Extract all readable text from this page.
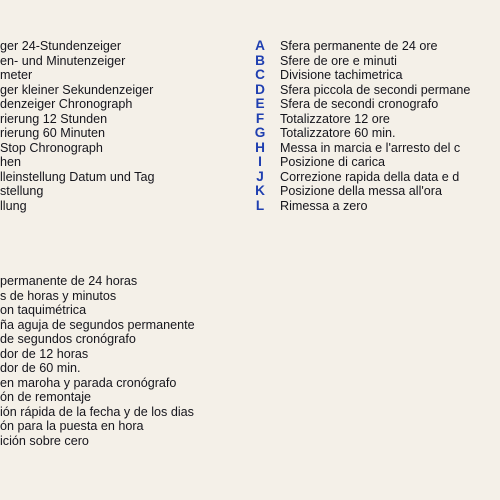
ger 24-Stundenzeiger
en- und Minutenzeiger
meter
ger kleiner Sekundenzeiger
denzeiger Chronograph
rierung 12 Stunden
rierung 60 Minuten
Stop Chronograph
hen
lleinstellung Datum und Tag
stellung
llung
A
B
C
D
E
F
G
H
I
J
K
L
Sfera permanente de 24 ore
Sfere de ore e minuti
Divisione tachimetrica
Sfera piccola de secondi permane
Sfera de secondi cronografo
Totalizzatore 12 ore
Totalizzatore 60 min.
Messa in marcia e l'arresto del c
Posizione di carica
Correzione rapida della data e d
Posizione della messa all'ora
Rimessa a zero
permanente de 24 horas
s de horas y minutos
on taquimétrica
ña aguja de segundos permanente
de segundos cronógrafo
dor de 12 horas
dor de 60 min.
en maroha y parada cronógrafo
ón de remontaje
ión rápida de la fecha y de los dias
ón para la puesta en hora
ición sobre cero
